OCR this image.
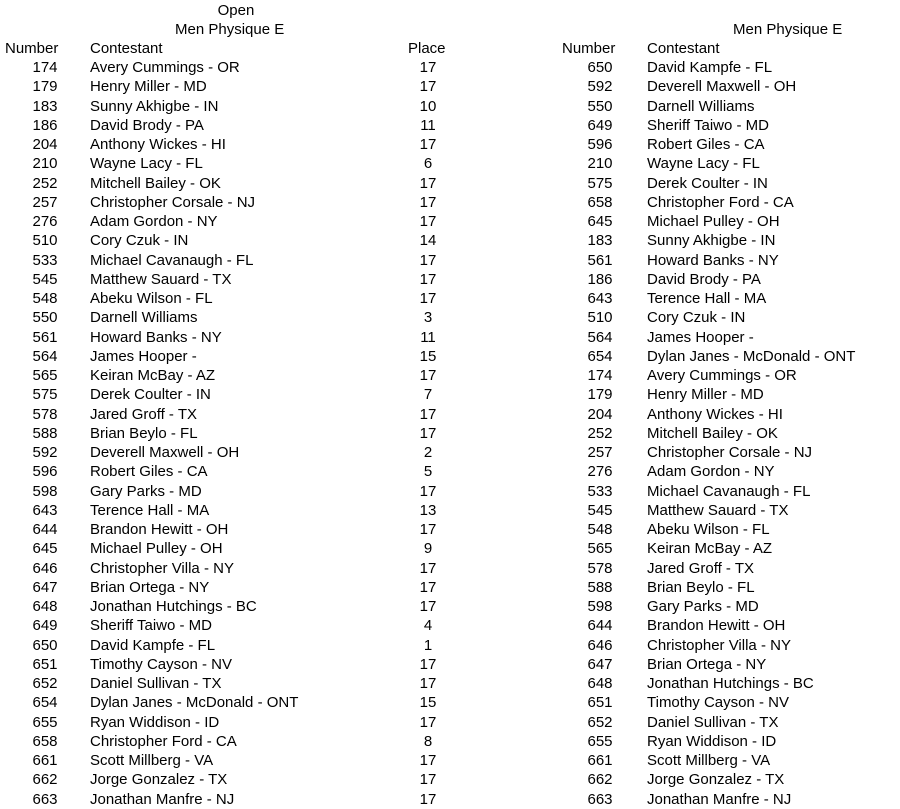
Open
Men Physique E	Men Physique E
Number Contestant	Place	Number Contestant
174	Avery Cummings - OR	17
179	Henry Miller - MD	17
183	Sunny Akhigbe - IN	10
186	David Brody - PA	11
204	Anthony Wickes - HI	17
210	Wayne Lacy - FL	6
252	Mitchell Bailey - OK	17
257	Christopher Corsale - NJ	17
276	Adam Gordon - NY	17
510	Cory Czuk - IN	14
533	Michael Cavanaugh - FL	17
545	Matthew Sauard - TX	17
548	Abeku Wilson - FL	17
550	Darnell Williams	3
561	Howard Banks - NY	11
564	James Hooper -	15
565	Keiran McBay - AZ	17
575	Derek Coulter - IN	7
578	Jared Groff - TX	17
588	Brian Beylo - FL	17
592	Deverell Maxwell - OH	2
596	Robert Giles - CA	5
598	Gary Parks - MD	17
643	Terence Hall - MA	13
644	Brandon Hewitt - OH	17
645	Michael Pulley - OH	9
646	Christopher Villa - NY	17
647	Brian Ortega - NY	17
648	Jonathan Hutchings - BC	17
649	Sheriff Taiwo - MD	4
650	David Kampfe - FL	1
651	Timothy Cayson - NV	17
652	Daniel Sullivan - TX	17
654	Dylan Janes - McDonald - ONT	15
655	Ryan Widdison - ID	17
658	Christopher Ford - CA	8
661	Scott Millberg - VA	17
662	Jorge Gonzalez - TX	17
663	Jonathan Manfre - NJ	17
650	David Kampfe - FL
592	Deverell Maxwell - OH
550	Darnell Williams
649	Sheriff Taiwo - MD
596	Robert Giles - CA
210	Wayne Lacy - FL
575	Derek Coulter - IN
658	Christopher Ford - CA
645	Michael Pulley - OH
183	Sunny Akhigbe - IN
561	Howard Banks - NY
186	David Brody - PA
643	Terence Hall - MA
510	Cory Czuk - IN
564	James Hooper -
654	Dylan Janes - McDonald - ONT
174	Avery Cummings - OR
179	Henry Miller - MD
204	Anthony Wickes - HI
252	Mitchell Bailey - OK
257	Christopher Corsale - NJ
276	Adam Gordon - NY
533	Michael Cavanaugh - FL
545	Matthew Sauard - TX
548	Abeku Wilson - FL
565	Keiran McBay - AZ
578	Jared Groff - TX
588	Brian Beylo - FL
598	Gary Parks - MD
644	Brandon Hewitt - OH
646	Christopher Villa - NY
647	Brian Ortega - NY
648	Jonathan Hutchings - BC
651	Timothy Cayson - NV
652	Daniel Sullivan - TX
655	Ryan Widdison - ID
661	Scott Millberg - VA
662	Jorge Gonzalez - TX
663	Jonathan Manfre - NJ
